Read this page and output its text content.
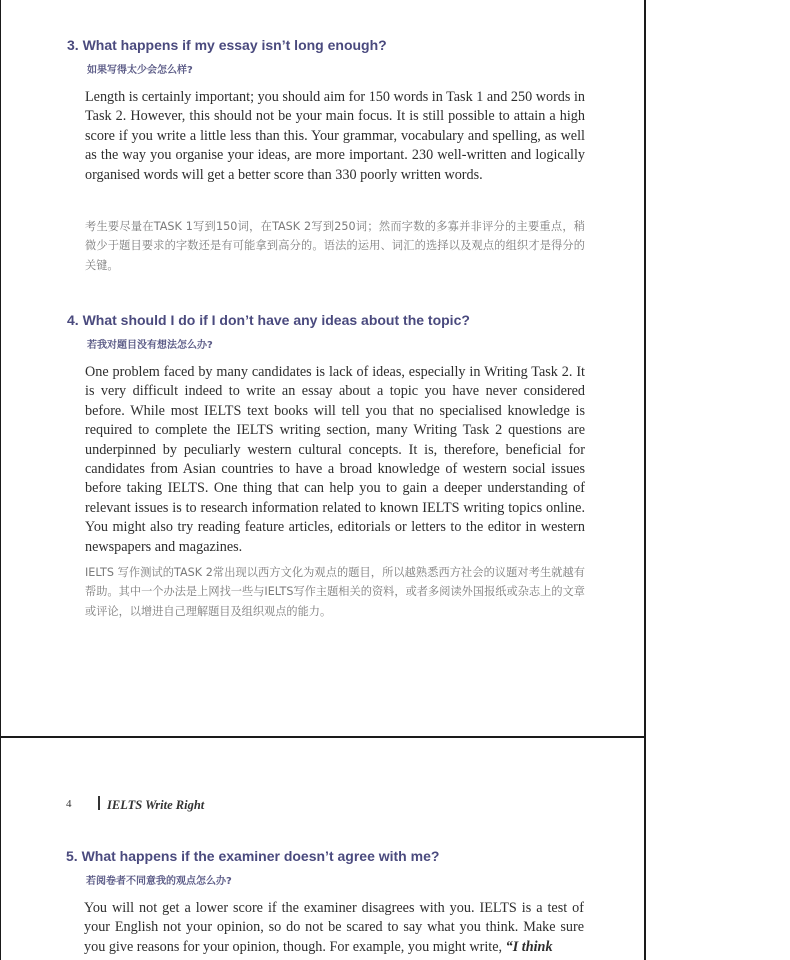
3. What happens if my essay isn’t long enough?
如果写得太少会怎么样?

Length is certainly important; you should aim for 150 words in Task 1 and 250 words in Task 2. However, this should not be your main focus. It is still possible to attain a high score if you write a little less than this. Your grammar, vocabulary and spelling, as well as the way you organise your ideas, are more important. 230 well-written and logically organised words will get a better score than 330 poorly written words.

考生要尽量在TASK 1写到150词，在TASK 2写到250词；然而字数的多寡并非评分的主要重点，稍微少于题目要求的字数还是有可能拿到高分的。语法的运用、词汇的选择以及观点的组织才是得分的关键。

4. What should I do if I don’t have any ideas about the topic?
若我对题目没有想法怎么办?

One problem faced by many candidates is lack of ideas, especially in Writing Task 2. It is very difficult indeed to write an essay about a topic you have never considered before. While most IELTS text books will tell you that no specialised knowledge is required to complete the IELTS writing section, many Writing Task 2 questions are underpinned by peculiarly western cultural concepts. It is, therefore, beneficial for candidates from Asian countries to have a broad knowledge of western social issues before taking IELTS. One thing that can help you to gain a deeper understanding of relevant issues is to research information related to known IELTS writing topics online. You might also try reading feature articles, editorials or letters to the editor in western newspapers and magazines.

IELTS 写作测试的TASK 2常出现以西方文化为观点的题目，所以越熟悉西方社会的议题对考生就越有帮助。其中一个办法是上网找一些与IELTS写作主题相关的资料，或者多阅读外国报纸或杂志上的文章或评论，以增进自己理解题目及组织观点的能力。

4	IELTS Write Right
5. What happens if the examiner doesn’t agree with me?
若阅卷者不同意我的观点怎么办?

You will not get a lower score if the examiner disagrees with you. IELTS is a test of your English not your opinion, so do not be scared to say what you think. Make sure you give reasons for your opinion, though. For example, you might write, “I think
